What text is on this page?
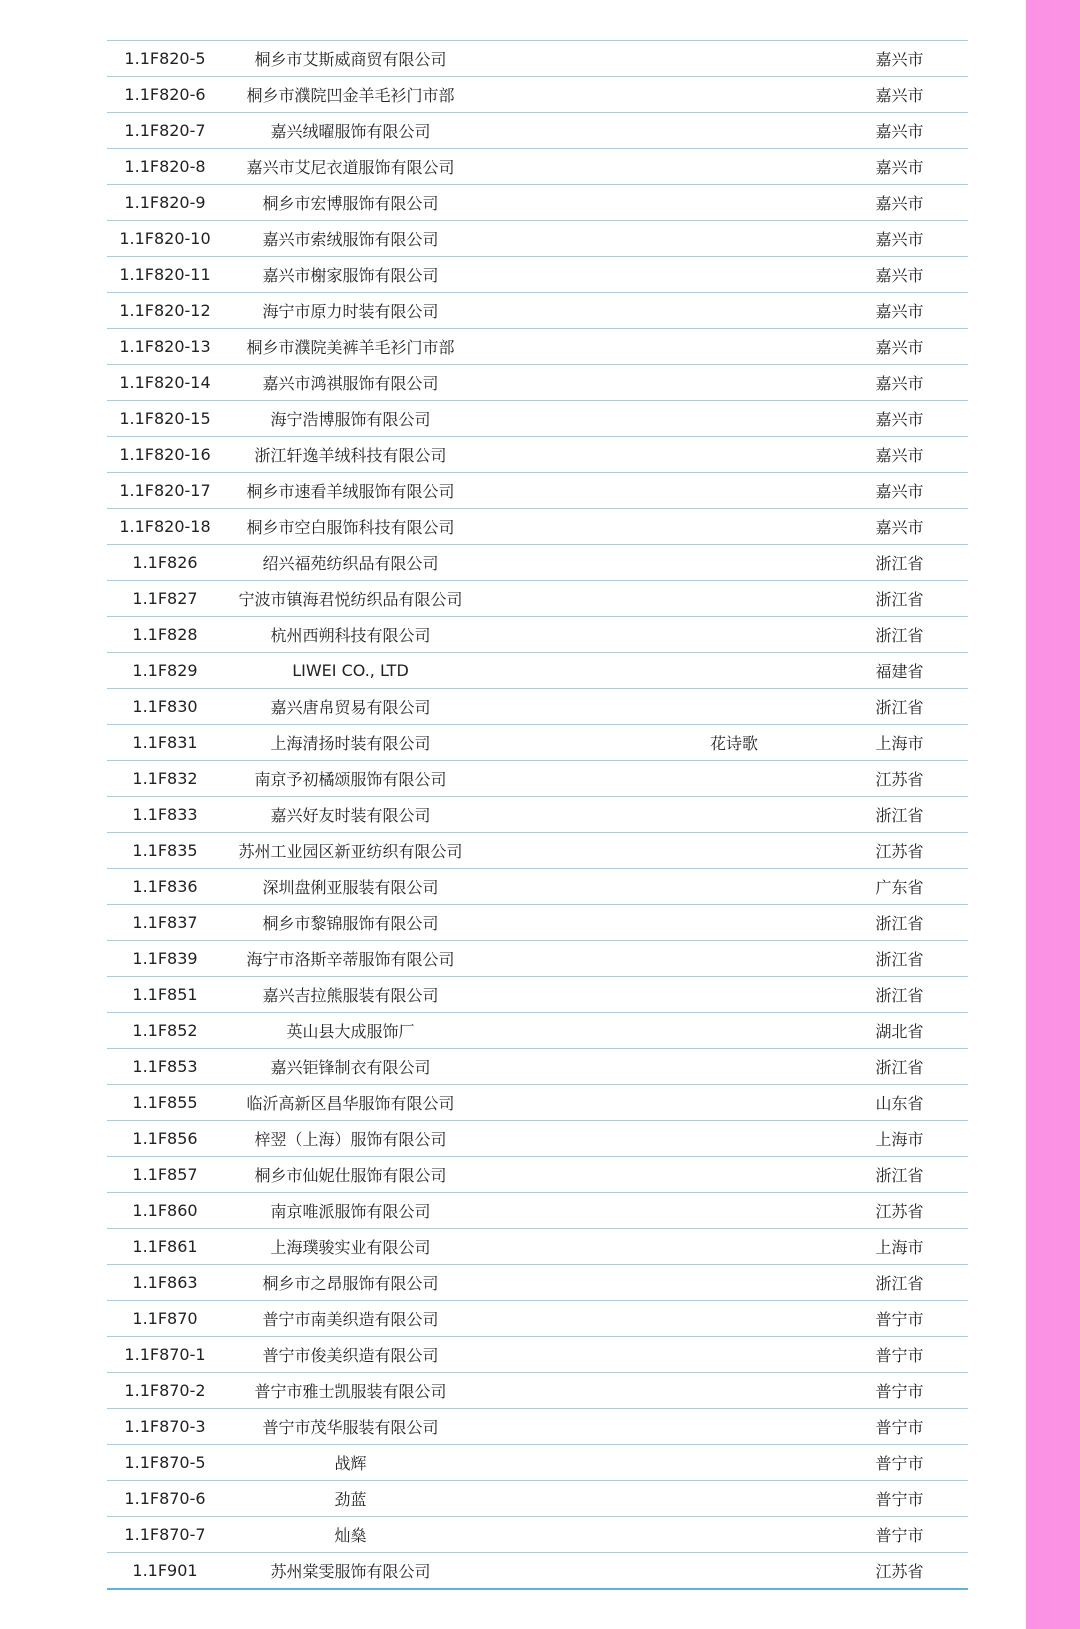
1.1F820-5	桐乡市艾斯威商贸有限公司		嘉兴市
1.1F820-6	桐乡市濮院凹金羊毛衫门市部		嘉兴市
1.1F820-7	嘉兴绒曜服饰有限公司		嘉兴市
1.1F820-8	嘉兴市艾尼衣道服饰有限公司		嘉兴市
1.1F820-9	桐乡市宏博服饰有限公司		嘉兴市
1.1F820-10	嘉兴市索绒服饰有限公司		嘉兴市
1.1F820-11	嘉兴市榭家服饰有限公司		嘉兴市
1.1F820-12	海宁市原力时装有限公司		嘉兴市
1.1F820-13	桐乡市濮院美裤羊毛衫门市部		嘉兴市
1.1F820-14	嘉兴市鸿祺服饰有限公司		嘉兴市
1.1F820-15	海宁浩博服饰有限公司		嘉兴市
1.1F820-16	浙江轩逸羊绒科技有限公司		嘉兴市
1.1F820-17	桐乡市速看羊绒服饰有限公司		嘉兴市
1.1F820-18	桐乡市空白服饰科技有限公司		嘉兴市
1.1F826	绍兴福苑纺织品有限公司		浙江省
1.1F827	宁波市镇海君悦纺织品有限公司		浙江省
1.1F828	杭州西朔科技有限公司		浙江省
1.1F829	LIWEI CO., LTD		福建省
1.1F830	嘉兴唐帛贸易有限公司		浙江省
1.1F831	上海清扬时装有限公司	花诗歌	上海市
1.1F832	南京予初橘颂服饰有限公司		江苏省
1.1F833	嘉兴好友时装有限公司		浙江省
1.1F835	苏州工业园区新亚纺织有限公司		江苏省
1.1F836	深圳盘俐亚服装有限公司		广东省
1.1F837	桐乡市黎锦服饰有限公司		浙江省
1.1F839	海宁市洛斯辛蒂服饰有限公司		浙江省
1.1F851	嘉兴吉拉熊服装有限公司		浙江省
1.1F852	英山县大成服饰厂		湖北省
1.1F853	嘉兴钜锋制衣有限公司		浙江省
1.1F855	临沂高新区昌华服饰有限公司		山东省
1.1F856	梓翌（上海）服饰有限公司		上海市
1.1F857	桐乡市仙妮仕服饰有限公司		浙江省
1.1F860	南京唯派服饰有限公司		江苏省
1.1F861	上海璞骏实业有限公司		上海市
1.1F863	桐乡市之昂服饰有限公司		浙江省
1.1F870	普宁市南美织造有限公司		普宁市
1.1F870-1	普宁市俊美织造有限公司		普宁市
1.1F870-2	普宁市雅士凯服装有限公司		普宁市
1.1F870-3	普宁市茂华服装有限公司		普宁市
1.1F870-5	战辉		普宁市
1.1F870-6	劲蓝		普宁市
1.1F870-7	灿燊		普宁市
1.1F901	苏州棠雯服饰有限公司		江苏省
